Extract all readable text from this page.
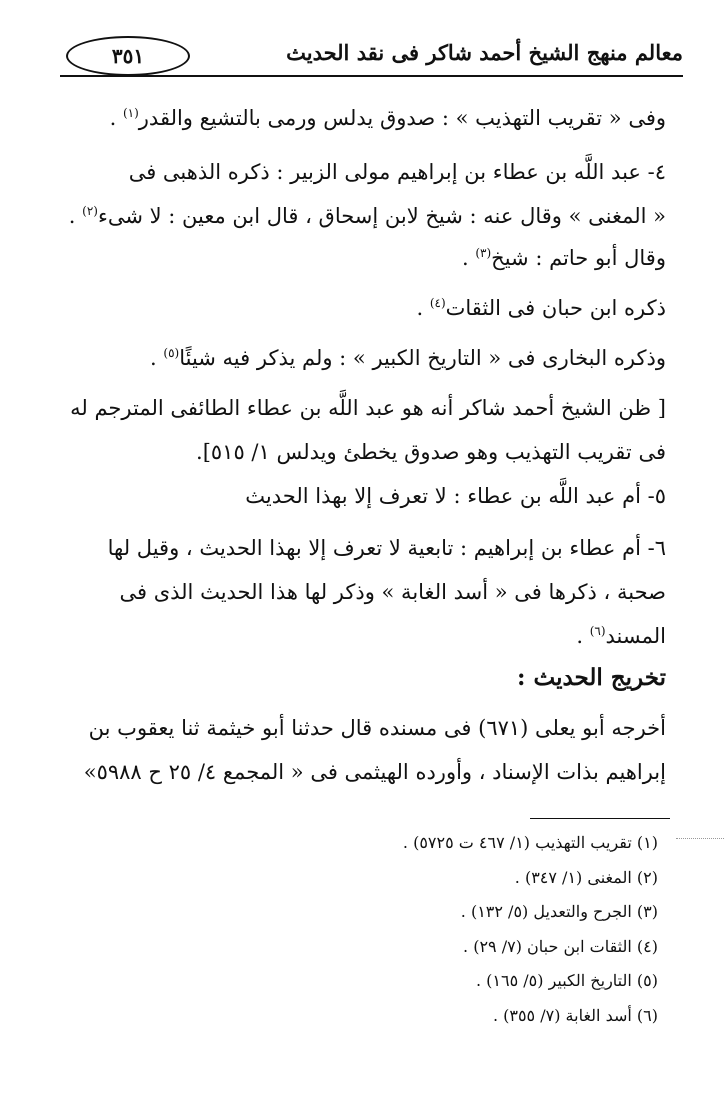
٣٥١	معالم منهج الشيخ أحمد شاكر فى نقد الحديث
وفى « تقريب التهذيب » : صدوق يدلس ورمى بالتشيع والقدر$^{(١)}$ .
٤- عبد اللَّه بن عطاء بن إبراهيم مولى الزبير : ذكره الذهبى فى
« المغنى » وقال عنه : شيخ لابن إسحاق ، قال ابن معين : لا شىء$^{(٢)}$ .
وقال أبو حاتم : شيخ$^{(٣)}$ .
ذكره ابن حبان فى الثقات$^{(٤)}$ .
وذكره البخارى فى « التاريخ الكبير » : ولم يذكر فيه شيئًا$^{(٥)}$ .
[ ظن الشيخ أحمد شاكر أنه هو عبد اللَّه بن عطاء الطائفى المترجم له
فى تقريب التهذيب وهو صدوق يخطئ ويدلس ١/ ٥١٥].
٥- أم عبد اللَّه بن عطاء : لا تعرف إلا بهذا الحديث
٦- أم عطاء بن إبراهيم : تابعية لا تعرف إلا بهذا الحديث ، وقيل لها
صحبة ، ذكرها فى « أسد الغابة » وذكر لها هذا الحديث الذى فى
المسند$^{(٦)}$ .
تخريج الحديث :
أخرجه أبو يعلى (٦٧١) فى مسنده قال حدثنا أبو خيثمة ثنا يعقوب بن
إبراهيم بذات الإسناد ، وأورده الهيثمى فى « المجمع ٤/ ٢٥ ح ٥٩٨٨»
(١) تقريب التهذيب (١/ ٤٦٧ ت ٥٧٢٥) .
(٢) المغنى (١/ ٣٤٧) .
(٣) الجرح والتعديل (٥/ ١٣٢) .
(٤) الثقات ابن حبان (٧/ ٢٩) .
(٥) التاريخ الكبير (٥/ ١٦٥) .
(٦) أسد الغابة (٧/ ٣٥٥) .
